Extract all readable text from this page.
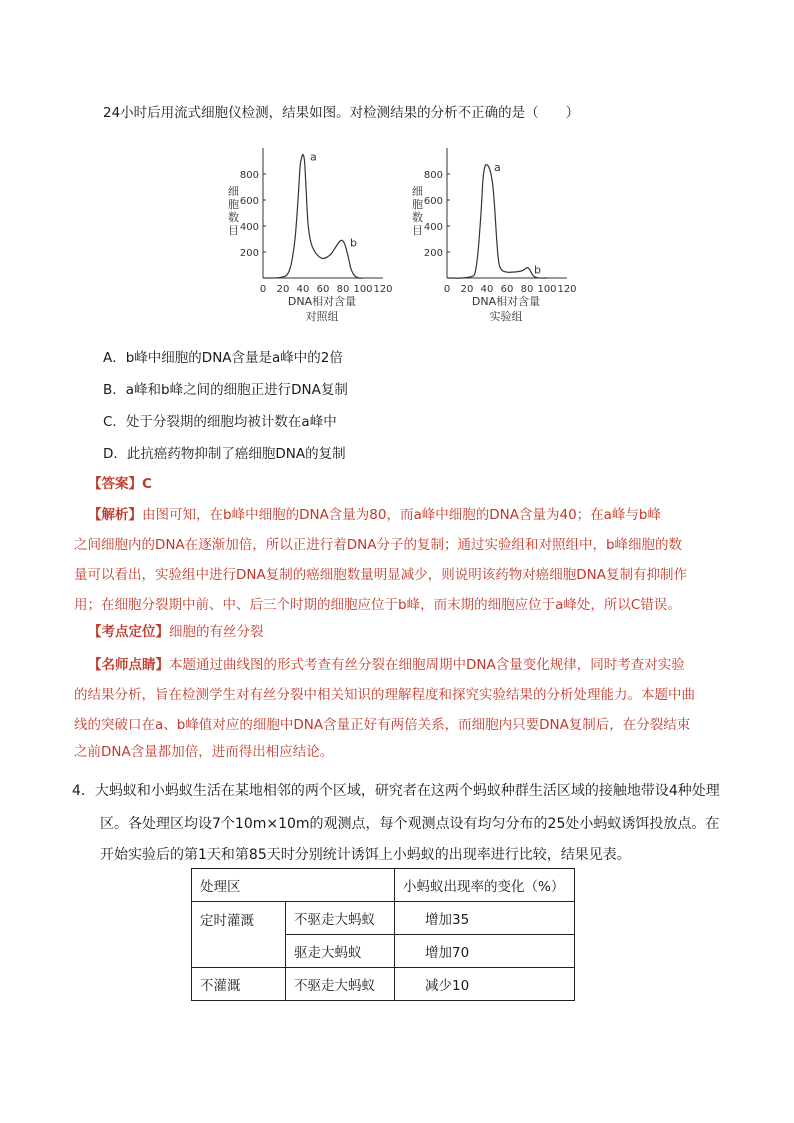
24小时后用流式细胞仪检测，结果如图。对检测结果的分析不正确的是（　　）
细
胞
数
目
0 20 40 60 80 100 120
200
400
600
800
a
b
DNA相对含量
对照组
细
胞
数
目
0 20 40 60 80 100 120
200
400
600
800
a
b
DNA相对含量
实验组
A．b峰中细胞的DNA含量是a峰中的2倍
B．a峰和b峰之间的细胞正进行DNA复制
C．处于分裂期的细胞均被计数在a峰中
D．此抗癌药物抑制了癌细胞DNA的复制
【答案】C
【解析】由图可知，在b峰中细胞的DNA含量为80，而a峰中细胞的DNA含量为40；在a峰与b峰
之间细胞内的DNA在逐渐加倍，所以正进行着DNA分子的复制；通过实验组和对照组中，b峰细胞的数
量可以看出，实验组中进行DNA复制的癌细胞数量明显减少，则说明该药物对癌细胞DNA复制有抑制作
用；在细胞分裂期中前、中、后三个时期的细胞应位于b峰，而末期的细胞应位于a峰处，所以C错误。
【考点定位】细胞的有丝分裂
【名师点睛】本题通过曲线图的形式考查有丝分裂在细胞周期中DNA含量变化规律，同时考查对实验
的结果分析，旨在检测学生对有丝分裂中相关知识的理解程度和探究实验结果的分析处理能力。本题中曲
线的突破口在a、b峰值对应的细胞中DNA含量正好有两倍关系，而细胞内只要DNA复制后，在分裂结束
之前DNA含量都加倍，进而得出相应结论。
4．大蚂蚁和小蚂蚁生活在某地相邻的两个区域，研究者在这两个蚂蚁种群生活区域的接触地带设4种处理
区。各处理区均设7个10m×10m的观测点，每个观测点设有均匀分布的25处小蚂蚁诱饵投放点。在
开始实验后的第1天和第85天时分别统计诱饵上小蚂蚁的出现率进行比较，结果见表。
处理区		小蚂蚁出现率的变化（%）
定时灌溉	不驱走大蚂蚁	增加35
	驱走大蚂蚁	增加70
不灌溉	不驱走大蚂蚁	减少10
